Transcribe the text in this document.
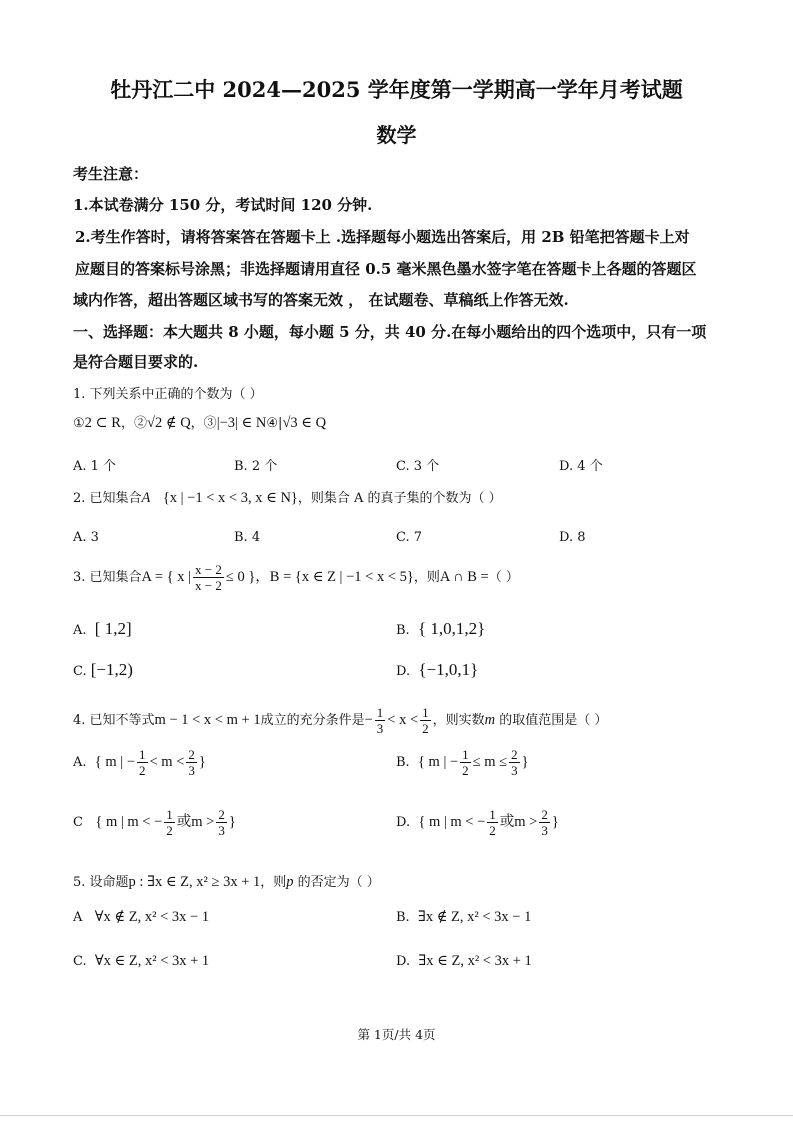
牡丹江二中 2024—2025 学年度第一学期高一学年月考试题
数学
考生注意：
1.本试卷满分 150 分，考试时间 120 分钟.
2.考生作答时，请将答案答在答题卡上 .选择题每小题选出答案后，用 2B 铅笔把答题卡上对
应题目的答案标号涂黑；非选择题请用直径 0.5 毫米黑色墨水签字笔在答题卡上各题的答题区
域内作答，超出答题区域书写的答案无效 ， 在试题卷、草稿纸上作答无效.
一、选择题：本大题共 8 小题，每小题 5 分，共 40 分.在每小题给出的四个选项中，只有一项
是符合题目要求的.
1. 下列关系中正确的个数为（ ）
①2 ⊂ R，②√2 ∉ Q，③|−3| ∈ N④|√3 ∈ Q
A. 1 个	B. 2 个	C. 3 个	D. 4 个
2. 已知集合A {x | −1 < x < 3, x ∈ N}，则集合 A 的真子集的个数为（ ）
A. 3	B. 4	C. 7	D. 8
3. 已知集合A = { x | $\frac{x - 2}{x - 2} \le 0$ }，B = {x ∈ Z | −1 < x < 5}，则A ∩ B =（ ）
A. [ 1,2]	B. { 1,0,1,2}
C. [−1,2)	D. {−1,0,1}
4. 已知不等式m − 1 < x < m + 1成立的充分条件是− $\frac{1}{3} < x < \frac{1}{2}$ ，则实数m 的取值范围是（ ）
A. { m | − $\frac{1}{2} < m < \frac{2}{3}$ }	B. { m | − $\frac{1}{2} \le m \le \frac{2}{3}$ }
C { m | m < − $\frac{1}{2}$ 或$m > \frac{2}{3}$ }	D. { m | m < − $\frac{1}{2}$ 或$m > \frac{2}{3}$ }
5. 设命题p : ∃x ∈ Z, x² ≥ 3x + 1，则p 的否定为（ ）
A ∀x ∉ Z, x² < 3x − 1	B. ∃x ∉ Z, x² < 3x − 1
C. ∀x ∈ Z, x² < 3x + 1	D. ∃x ∈ Z, x² < 3x + 1
第 1页/共 4页
